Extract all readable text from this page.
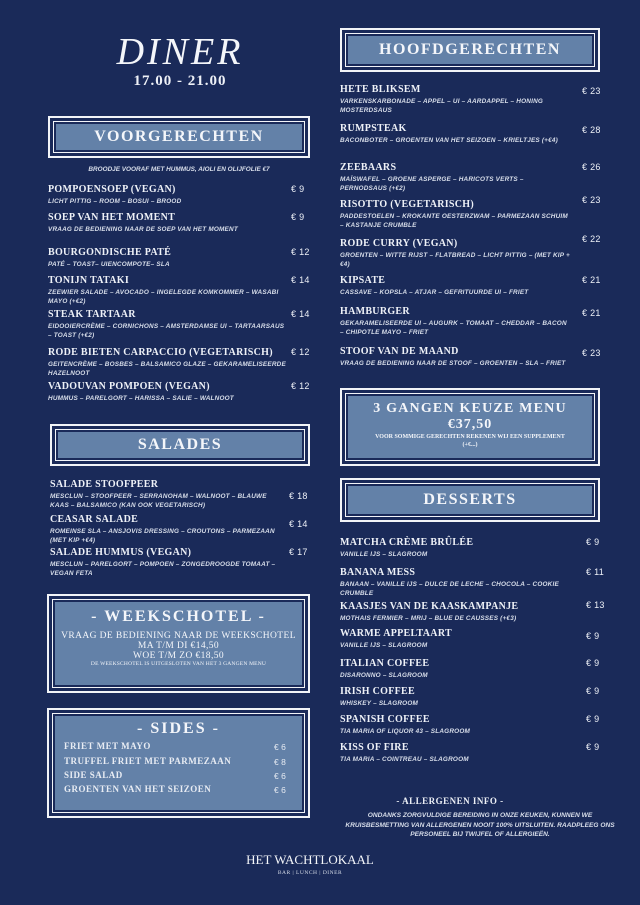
DINER
17.00 - 21.00
VOORGERECHTEN
BROODJE VOORAF MET HUMMUS, AIOLI EN OLIJFOLIE €7
POMPOENSOEP (VEGAN)
LICHT PITTIG – ROOM – BOSUI – BROOD
€ 9
SOEP VAN HET MOMENT
VRAAG DE BEDIENING NAAR DE SOEP VAN HET MOMENT
€ 9
BOURGONDISCHE PATÉ
PATÉ – TOAST– UIENCOMPOTE– SLA
€ 12
TONIJN TATAKI
ZEEWIER SALADE – AVOCADO – INGELEGDE KOMKOMMER – WASABI MAYO (+€2)
€ 14
STEAK TARTAAR
EIDOOIERCRÈME – CORNICHONS – AMSTERDAMSE UI – TARTAARSAUS – TOAST (+€2)
€ 14
RODE BIETEN CARPACCIO (VEGETARISCH)
GEITENCRÈME – BOSBES – BALSAMICO GLAZE – GEKARAMELISEERDE HAZELNOOT
€ 12
VADOUVAN POMPOEN (VEGAN)
HUMMUS – PARELGORT – HARISSA – SALIE – WALNOOT
€ 12
SALADES
SALADE STOOFPEER
MESCLUN – STOOFPEER – SERRANOHAM – WALNOOT – BLAUWE KAAS – BALSAMICO (KAN OOK VEGETARISCH)
€ 18
CEASAR SALADE
ROMEINSE SLA – ANSJOVIS DRESSING – CROUTONS – PARMEZAAN (MET KIP +€4)
€ 14
SALADE HUMMUS (VEGAN)
MESCLUN – PARELGORT – POMPOEN – ZONGEDROOGDE TOMAAT – VEGAN FETA
€ 17
- WEEKSCHOTEL -
VRAAG DE BEDIENING NAAR DE WEEKSCHOTEL
MA T/M DI €14,50
WOE T/M ZO €18,50
DE WEEKSCHOTEL IS UITGESLOTEN VAN HET 3 GANGEN MENU
- SIDES -
FRIET MET MAYO	€ 6
TRUFFEL FRIET MET PARMEZAAN	€ 8
SIDE SALAD	€ 6
GROENTEN VAN HET SEIZOEN	€ 6
HOOFDGERECHTEN
HETE BLIKSEM
VARKENSKARBONADE – APPEL – UI – AARDAPPEL – HONING MOSTERDSAUS
€ 23
RUMPSTEAK
BACONBOTER – GROENTEN VAN HET SEIZOEN – KRIELTJES (+€4)
€ 28
ZEEBAARS
MAÏSWAFEL – GROENE ASPERGE – HARICOTS VERTS – PERNODSAUS (+€2)
€ 26
RISOTTO (VEGETARISCH)
PADDESTOELEN – KROKANTE OESTERZWAM – PARMEZAAN SCHUIM – KASTANJE CRUMBLE
€ 23
RODE CURRY (VEGAN)
GROENTEN – WITTE RIJST – FLATBREAD – LICHT PITTIG – (MET KIP + €4)
€ 22
KIPSATE
CASSAVE – KOPSLA – ATJAR – GEFRITUURDE UI – FRIET
€ 21
HAMBURGER
GEKARAMELISEERDE UI – AUGURK – TOMAAT – CHEDDAR – BACON – CHIPOTLE MAYO – FRIET
€ 21
STOOF VAN DE MAAND
VRAAG DE BEDIENING NAAR DE STOOF – GROENTEN – SLA – FRIET
€ 23
3 GANGEN KEUZE MENU
€37,50
VOOR SOMMIGE GERECHTEN REKENEN WIJ EEN SUPPLEMENT (+€...)
DESSERTS
MATCHA CRÈME BRÛLÉE
VANILLE IJS – SLAGROOM
€ 9
BANANA MESS
BANAAN – VANILLE IJS – DULCE DE LECHE – CHOCOLA – COOKIE CRUMBLE
€ 11
KAASJES VAN DE KAASKAMPANJE
MOTHAIS FERMIER – MRIJ – BLUE DE CAUSSES (+€3)
€ 13
WARME APPELTAART
VANILLE IJS – SLAGROOM
€ 9
ITALIAN COFFEE
DISARONNO – SLAGROOM
€ 9
IRISH COFFEE
WHISKEY – SLAGROOM
€ 9
SPANISH COFFEE
TIA MARIA OF LIQUOR 43 – SLAGROOM
€ 9
KISS OF FIRE
TIA MARIA – COINTREAU – SLAGROOM
€ 9
- ALLERGENEN INFO -
ONDANKS ZORGVULDIGE BEREIDING IN ONZE KEUKEN, KUNNEN WE KRUISBESMETTING VAN ALLERGENEN NOOIT 100% UITSLUITEN. RAADPLEEG ONS PERSONEEL BIJ TWIJFEL OF ALLERGIEËN.
HET WACHTLOKAAL
BAR | LUNCH | DINER
